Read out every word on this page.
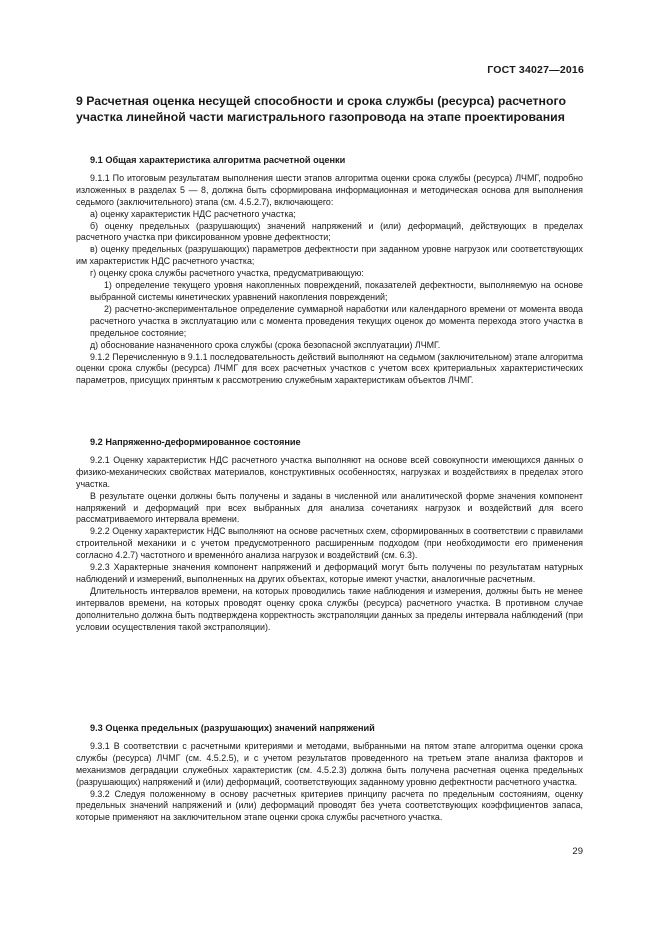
ГОСТ 34027—2016
9 Расчетная оценка несущей способности и срока службы (ресурса) расчетного участка линейной части магистрального газопровода на этапе проектирования
9.1 Общая характеристика алгоритма расчетной оценки

9.1.1 По итоговым результатам выполнения шести этапов алгоритма оценки срока службы (ресурса) ЛЧМГ, подробно изложенных в разделах 5 — 8, должна быть сформирована информационная и методическая основа для выполнения седьмого (заключительного) этапа (см. 4.5.2.7), включающего:

а) оценку характеристик НДС расчетного участка;

б) оценку предельных (разрушающих) значений напряжений и (или) деформаций, действующих в пределах расчетного участка при фиксированном уровне дефектности;

в) оценку предельных (разрушающих) параметров дефектности при заданном уровне нагрузок или соответствующих им характеристик НДС расчетного участка;

г) оценку срока службы расчетного участка, предусматривающую:

1) определение текущего уровня накопленных повреждений, показателей дефектности, выполняемую на основе выбранной системы кинетических уравнений накопления повреждений;

2) расчетно-экспериментальное определение суммарной наработки или календарного времени от момента ввода расчетного участка в эксплуатацию или с момента проведения текущих оценок до момента перехода этого участка в предельное состояние;

д) обоснование назначенного срока службы (срока безопасной эксплуатации) ЛЧМГ.

9.1.2 Перечисленную в 9.1.1 последовательность действий выполняют на седьмом (заключительном) этапе алгоритма оценки срока службы (ресурса) ЛЧМГ для всех расчетных участков с учетом всех критериальных характеристических параметров, присущих принятым к рассмотрению служебным характеристикам объектов ЛЧМГ.

9.2 Напряженно-деформированное состояние

9.2.1 Оценку характеристик НДС расчетного участка выполняют на основе всей совокупности имеющихся данных о физико-механических свойствах материалов, конструктивных особенностях, нагрузках и воздействиях в пределах этого участка.

В результате оценки должны быть получены и заданы в численной или аналитической форме значения компонент напряжений и деформаций при всех выбранных для анализа сочетаниях нагрузок и воздействий для всего рассматриваемого интервала времени.

9.2.2 Оценку характеристик НДС выполняют на основе расчетных схем, сформированных в соответствии с правилами строительной механики и с учетом предусмотренного расширенным подходом (при необходимости его применения согласно 4.2.7) частотного и временно́го анализа нагрузок и воздействий (см. 6.3).

9.2.3 Характерные значения компонент напряжений и деформаций могут быть получены по результатам натурных наблюдений и измерений, выполненных на других объектах, которые имеют участки, аналогичные расчетным.

Длительность интервалов времени, на которых проводились такие наблюдения и измерения, должны быть не менее интервалов времени, на которых проводят оценку срока службы (ресурса) расчетного участка. В противном случае дополнительно должна быть подтверждена корректность экстраполяции данных за пределы интервала наблюдений (при условии осуществления такой экстраполяции).

9.3 Оценка предельных (разрушающих) значений напряжений

9.3.1 В соответствии с расчетными критериями и методами, выбранными на пятом этапе алгоритма оценки срока службы (ресурса) ЛЧМГ (см. 4.5.2.5), и с учетом результатов проведенного на третьем этапе анализа факторов и механизмов деградации служебных характеристик (см. 4.5.2.3) должна быть получена расчетная оценка предельных (разрушающих) напряжений и (или) деформаций, соответствующих заданному уровню дефектности расчетного участка.

9.3.2 Следуя положенному в основу расчетных критериев принципу расчета по предельным состояниям, оценку предельных значений напряжений и (или) деформаций проводят без учета соответствующих коэффициентов запаса, которые применяют на заключительном этапе оценки срока службы расчетного участка.

29
